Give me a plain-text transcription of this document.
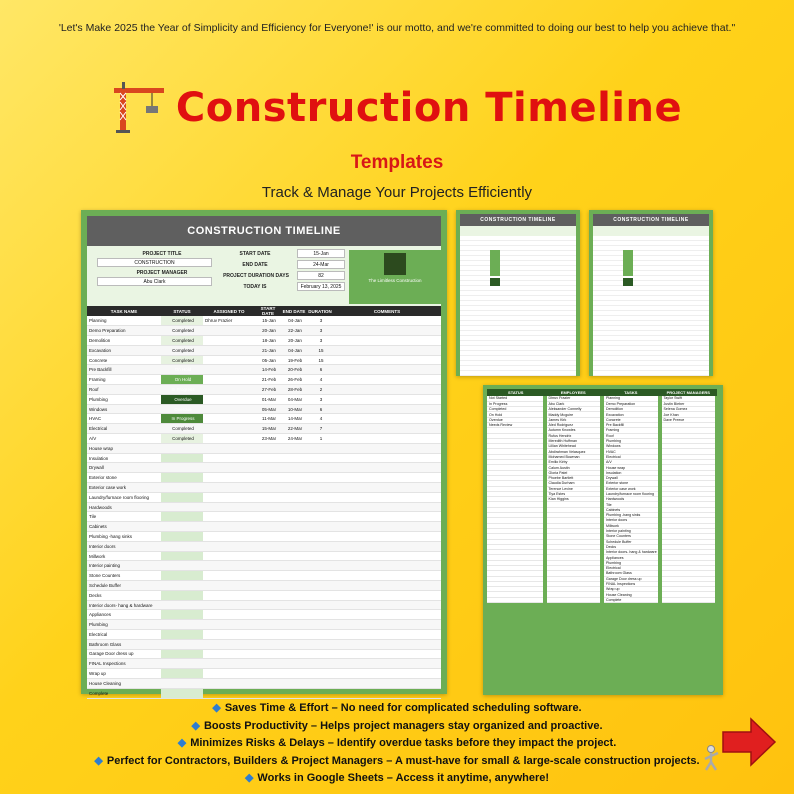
'Let's Make 2025 the Year of Simplicity and Efficiency for Everyone!' is our motto, and we're committed to doing our best to help you achieve that."
Construction Timeline
Templates
Track & Manage Your Projects Efficiently
CONSTRUCTION TIMELINE
PROJECT TITLE
CONSTRUCTION
PROJECT MANAGER
Abu Clark
START DATE	15-Jan
END DATE	24-Mar
PROJECT DURATION DAYS	82
TODAY IS	February 13, 2025
The Limitless Construction
TASK NAME	STATUS	ASSIGNED TO	START DATE	END DATE	DURATION	COMMENTS
Planning	Completed	Dhruv Frazier	15-Jan	04-Jan	3	
Demo Preparation	Completed		20-Jan	22-Jan	3	
Demolition	Completed		18-Jan	20-Jan	3	
Excavation	Completed		21-Jan	04-Jan	15	
Concrete	Completed		05-Jan	19-Feb	15	
Pre Backfill	On Hold		14-Feb	20-Feb	6	
Framing	On Hold		21-Feb	26-Feb	4	
Roof	In Progress		27-Feb	28-Feb	2	
Plumbing	Overdue		01-Mar	04-Mar	3	
Windows	Overdue		05-Mar	10-Mar	6	
HVAC	In Progress		11-Mar	14-Mar	4	
Electrical	Completed		15-Mar	22-Mar	7	
A/V	Completed		23-Mar	24-Mar	1	
House wrap						
Insulation						
Drywall						
Exterior stone						
Exterior case work						
Laundry/furnace room flooring						
Hardwoods						
Tile						
Cabinets						
Plumbing -hang sinks						
Interior doors						
Millwork						
Interior painting						
Stone Counters						
Schedule Buffer						
Decks						
Interior doors- hang & hardware						
Appliances						
Plumbing						
Electrical						
Bathroom Glass						
Garage Door dress up						
FINAL Inspections						
Wrap up						
House Cleaning						
Complete						
CONSTRUCTION TIMELINE	CONSTRUCTION TIMELINE
STATUS	EMPLOYEES	TASKS	PROJECT MANAGERS
Not Started	Dhruv Frazier	Planning	Taylor Swift
In Progress	Abu Clark	Demo Preparation	Justin Bieber
Completed	Aleksander Connelly	Demolition	Selena Gomez
On Hold	Maddy Mcguire	Excavation	Joe Khan
Overdue	James Kirk	Concrete	Dave Preece
Needs Review	Aled Rodriguez	Pre Backfill	
	Autumn Knowles	Framing	
	Rufus Hendrix	Roof	
	Meredith Huffman	Plumbing	
	Lillian Whitehead	Windows	
	Abdirahman Velasquez	HVAC	
	Mohamed Bowman	Electrical	
	Emilio Kirby	A/V	
	Calum Austin	House wrap	
	Gloria Patel	Insulation	
	Phoebe Bartlett	Drywall	
	Claudia Durham	Exterior stone	
	Terence Levine	Exterior case work	
	Tiya Estes	Laundry/furnace room flooring	
	Kian Higgins	Hardwoods	
		Tile	
		Cabinets	
		Plumbing -hang sinks	
		Interior doors	
		Millwork	
		Interior painting	
		Stone Counters	
		Schedule Buffer	
		Decks	
		Interior doors- hang & hardware	
		Appliances	
		Plumbing	
		Electrical	
		Bathroom Glass	
		Garage Door dress up	
		FINAL Inspections	
		Wrap up	
		House Cleaning	
		Complete	
◆ Saves Time & Effort – No need for complicated scheduling software.
◆ Boosts Productivity – Helps project managers stay organized and proactive.
◆ Minimizes Risks & Delays – Identify overdue tasks before they impact the project.
◆ Perfect for Contractors, Builders & Project Managers – A must-have for small & large-scale construction projects.
◆ Works in Google Sheets – Access it anytime, anywhere!
